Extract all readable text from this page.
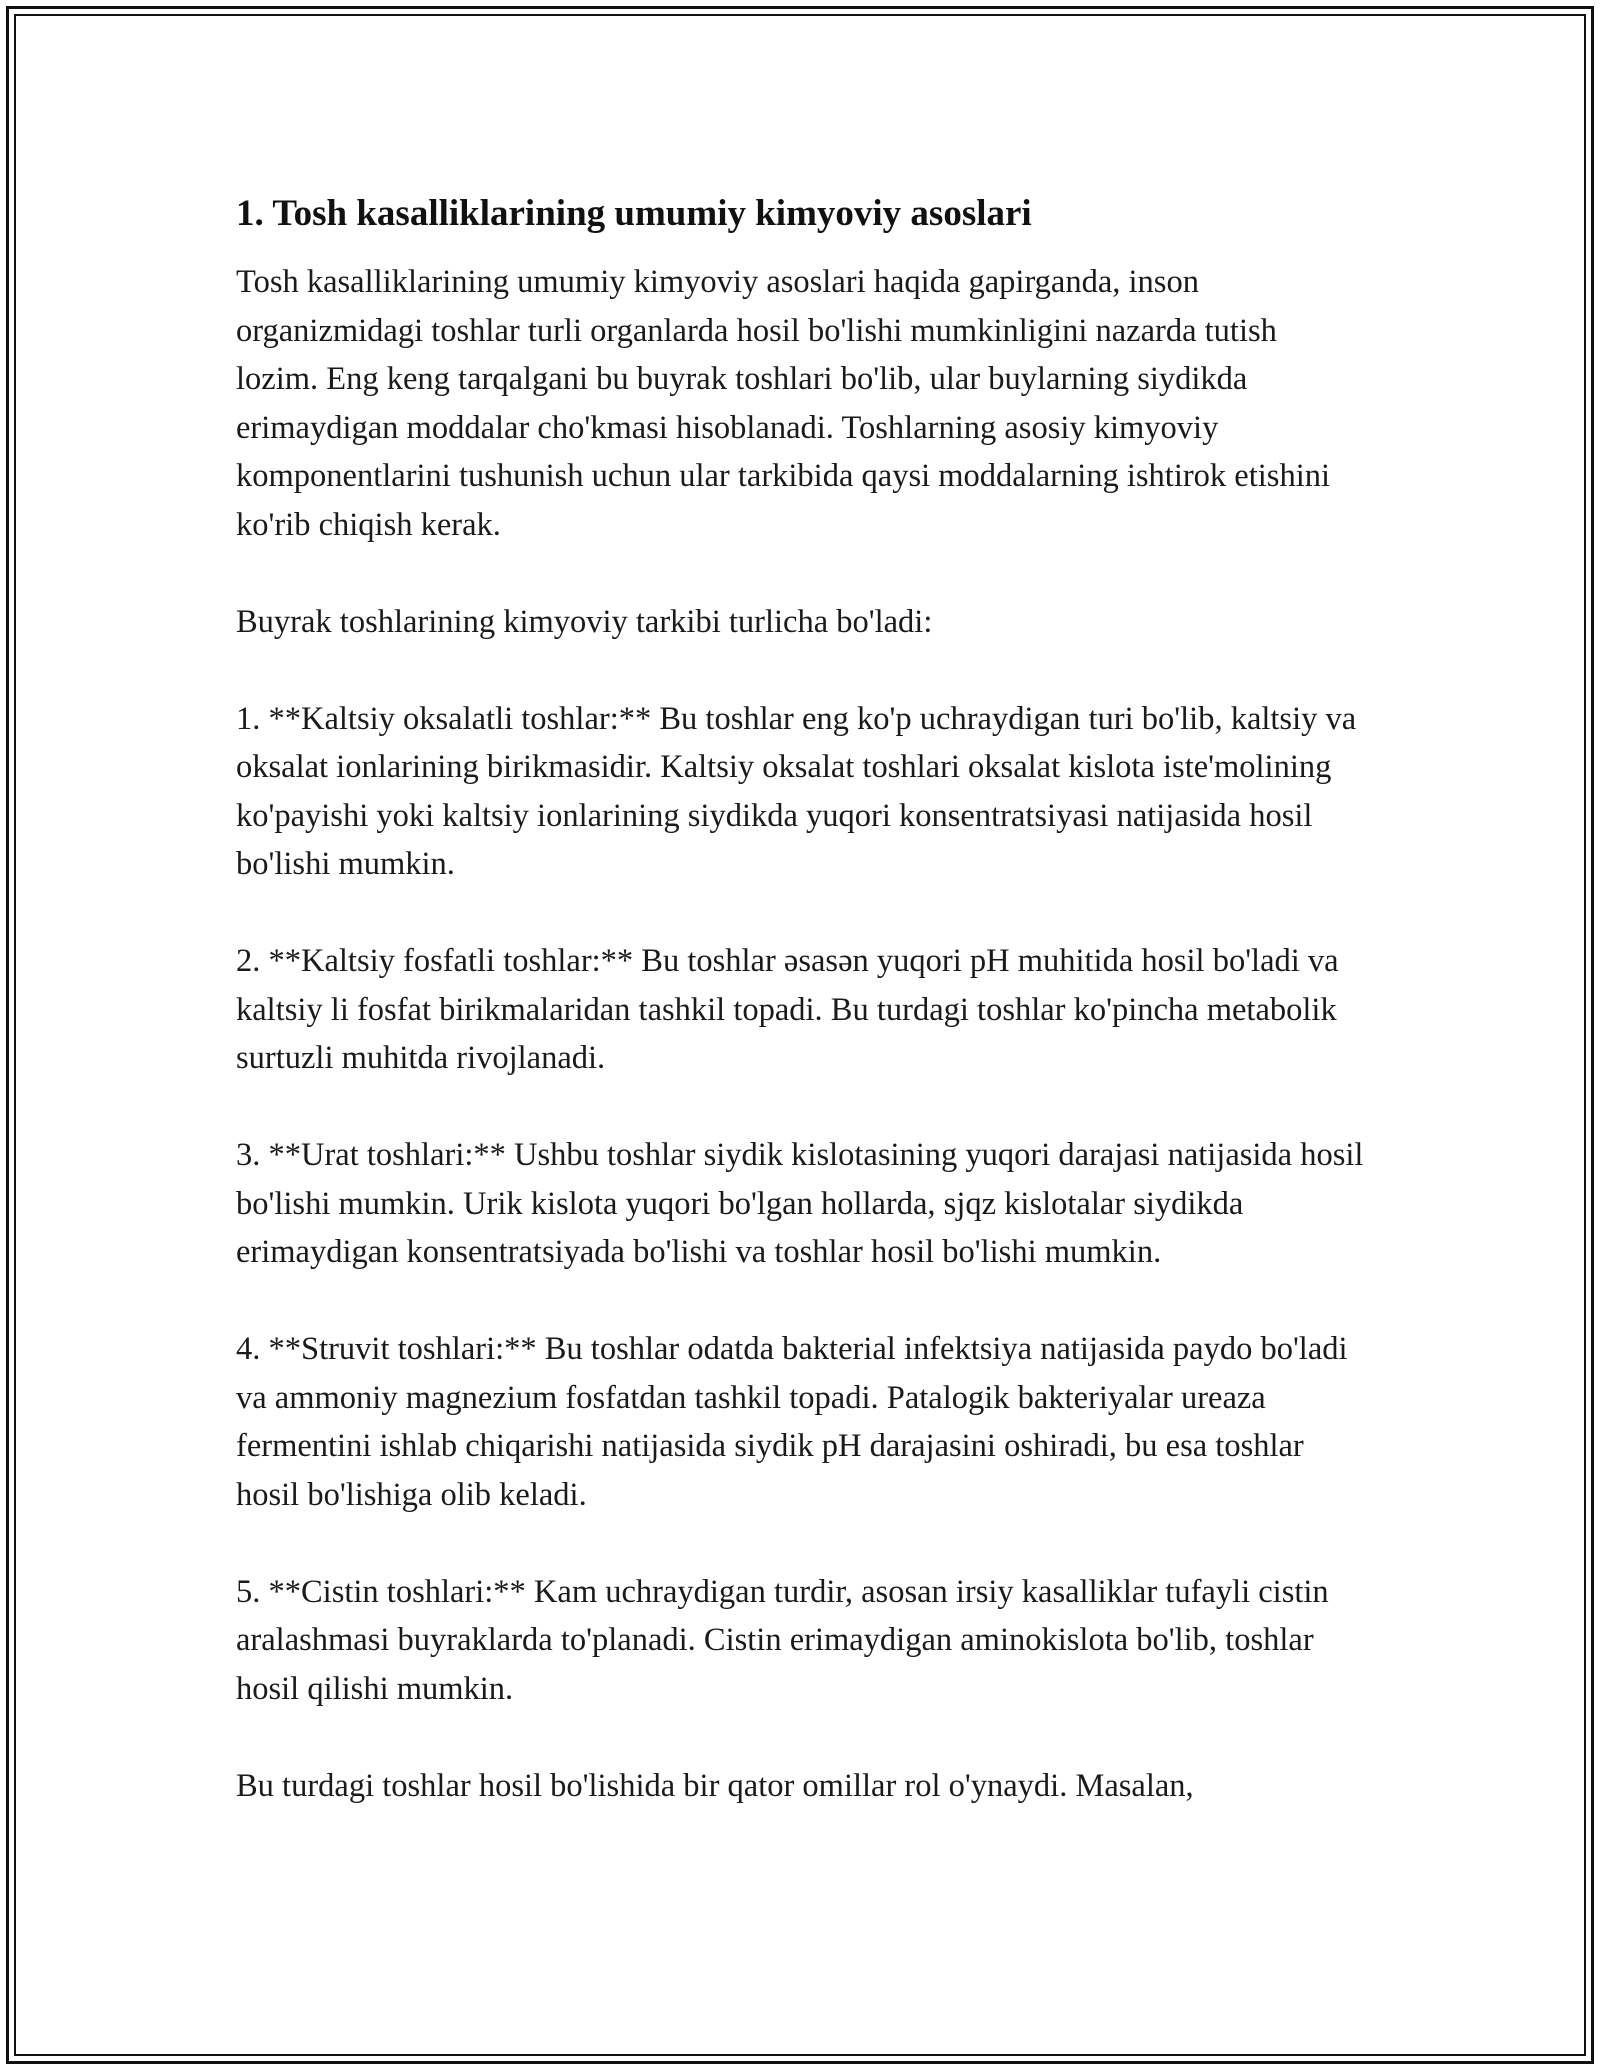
1. Tosh kasalliklarining umumiy kimyoviy asoslari

Tosh kasalliklarining umumiy kimyoviy asoslari haqida gapirganda, inson organizmidagi toshlar turli organlarda hosil bo'lishi mumkinligini nazarda tutish lozim. Eng keng tarqalgani bu buyrak toshlari bo'lib, ular buylarning siydikda erimaydigan moddalar cho'kmasi hisoblanadi. Toshlarning asosiy kimyoviy komponentlarini tushunish uchun ular tarkibida qaysi moddalarning ishtirok etishini ko'rib chiqish kerak.

Buyrak toshlarining kimyoviy tarkibi turlicha bo'ladi:

1. **Kaltsiy oksalatli toshlar:** Bu toshlar eng ko'p uchraydigan turi bo'lib, kaltsiy va oksalat ionlarining birikmasidir. Kaltsiy oksalat toshlari oksalat kislota iste'molining ko'payishi yoki kaltsiy ionlarining siydikda yuqori konsentratsiyasi natijasida hosil bo'lishi mumkin.

2. **Kaltsiy fosfatli toshlar:** Bu toshlar əsasən yuqori pH muhitida hosil bo'ladi va kaltsiy li fosfat birikmalaridan tashkil topadi. Bu turdagi toshlar ko'pincha metabolik surtuzli muhitda rivojlanadi.

3. **Urat toshlari:** Ushbu toshlar siydik kislotasining yuqori darajasi natijasida hosil bo'lishi mumkin. Urik kislota yuqori bo'lgan hollarda, sjqz kislotalar siydikda erimaydigan konsentratsiyada bo'lishi va toshlar hosil bo'lishi mumkin.

4. **Struvit toshlari:** Bu toshlar odatda bakterial infektsiya natijasida paydo bo'ladi va ammoniy magnezium fosfatdan tashkil topadi. Patalogik bakteriyalar ureaza fermentini ishlab chiqarishi natijasida siydik pH darajasini oshiradi, bu esa toshlar hosil bo'lishiga olib keladi.

5. **Cistin toshlari:** Kam uchraydigan turdir, asosan irsiy kasalliklar tufayli cistin aralashmasi buyraklarda to'planadi. Cistin erimaydigan aminokislota bo'lib, toshlar hosil qilishi mumkin.

Bu turdagi toshlar hosil bo'lishida bir qator omillar rol o'ynaydi. Masalan,
